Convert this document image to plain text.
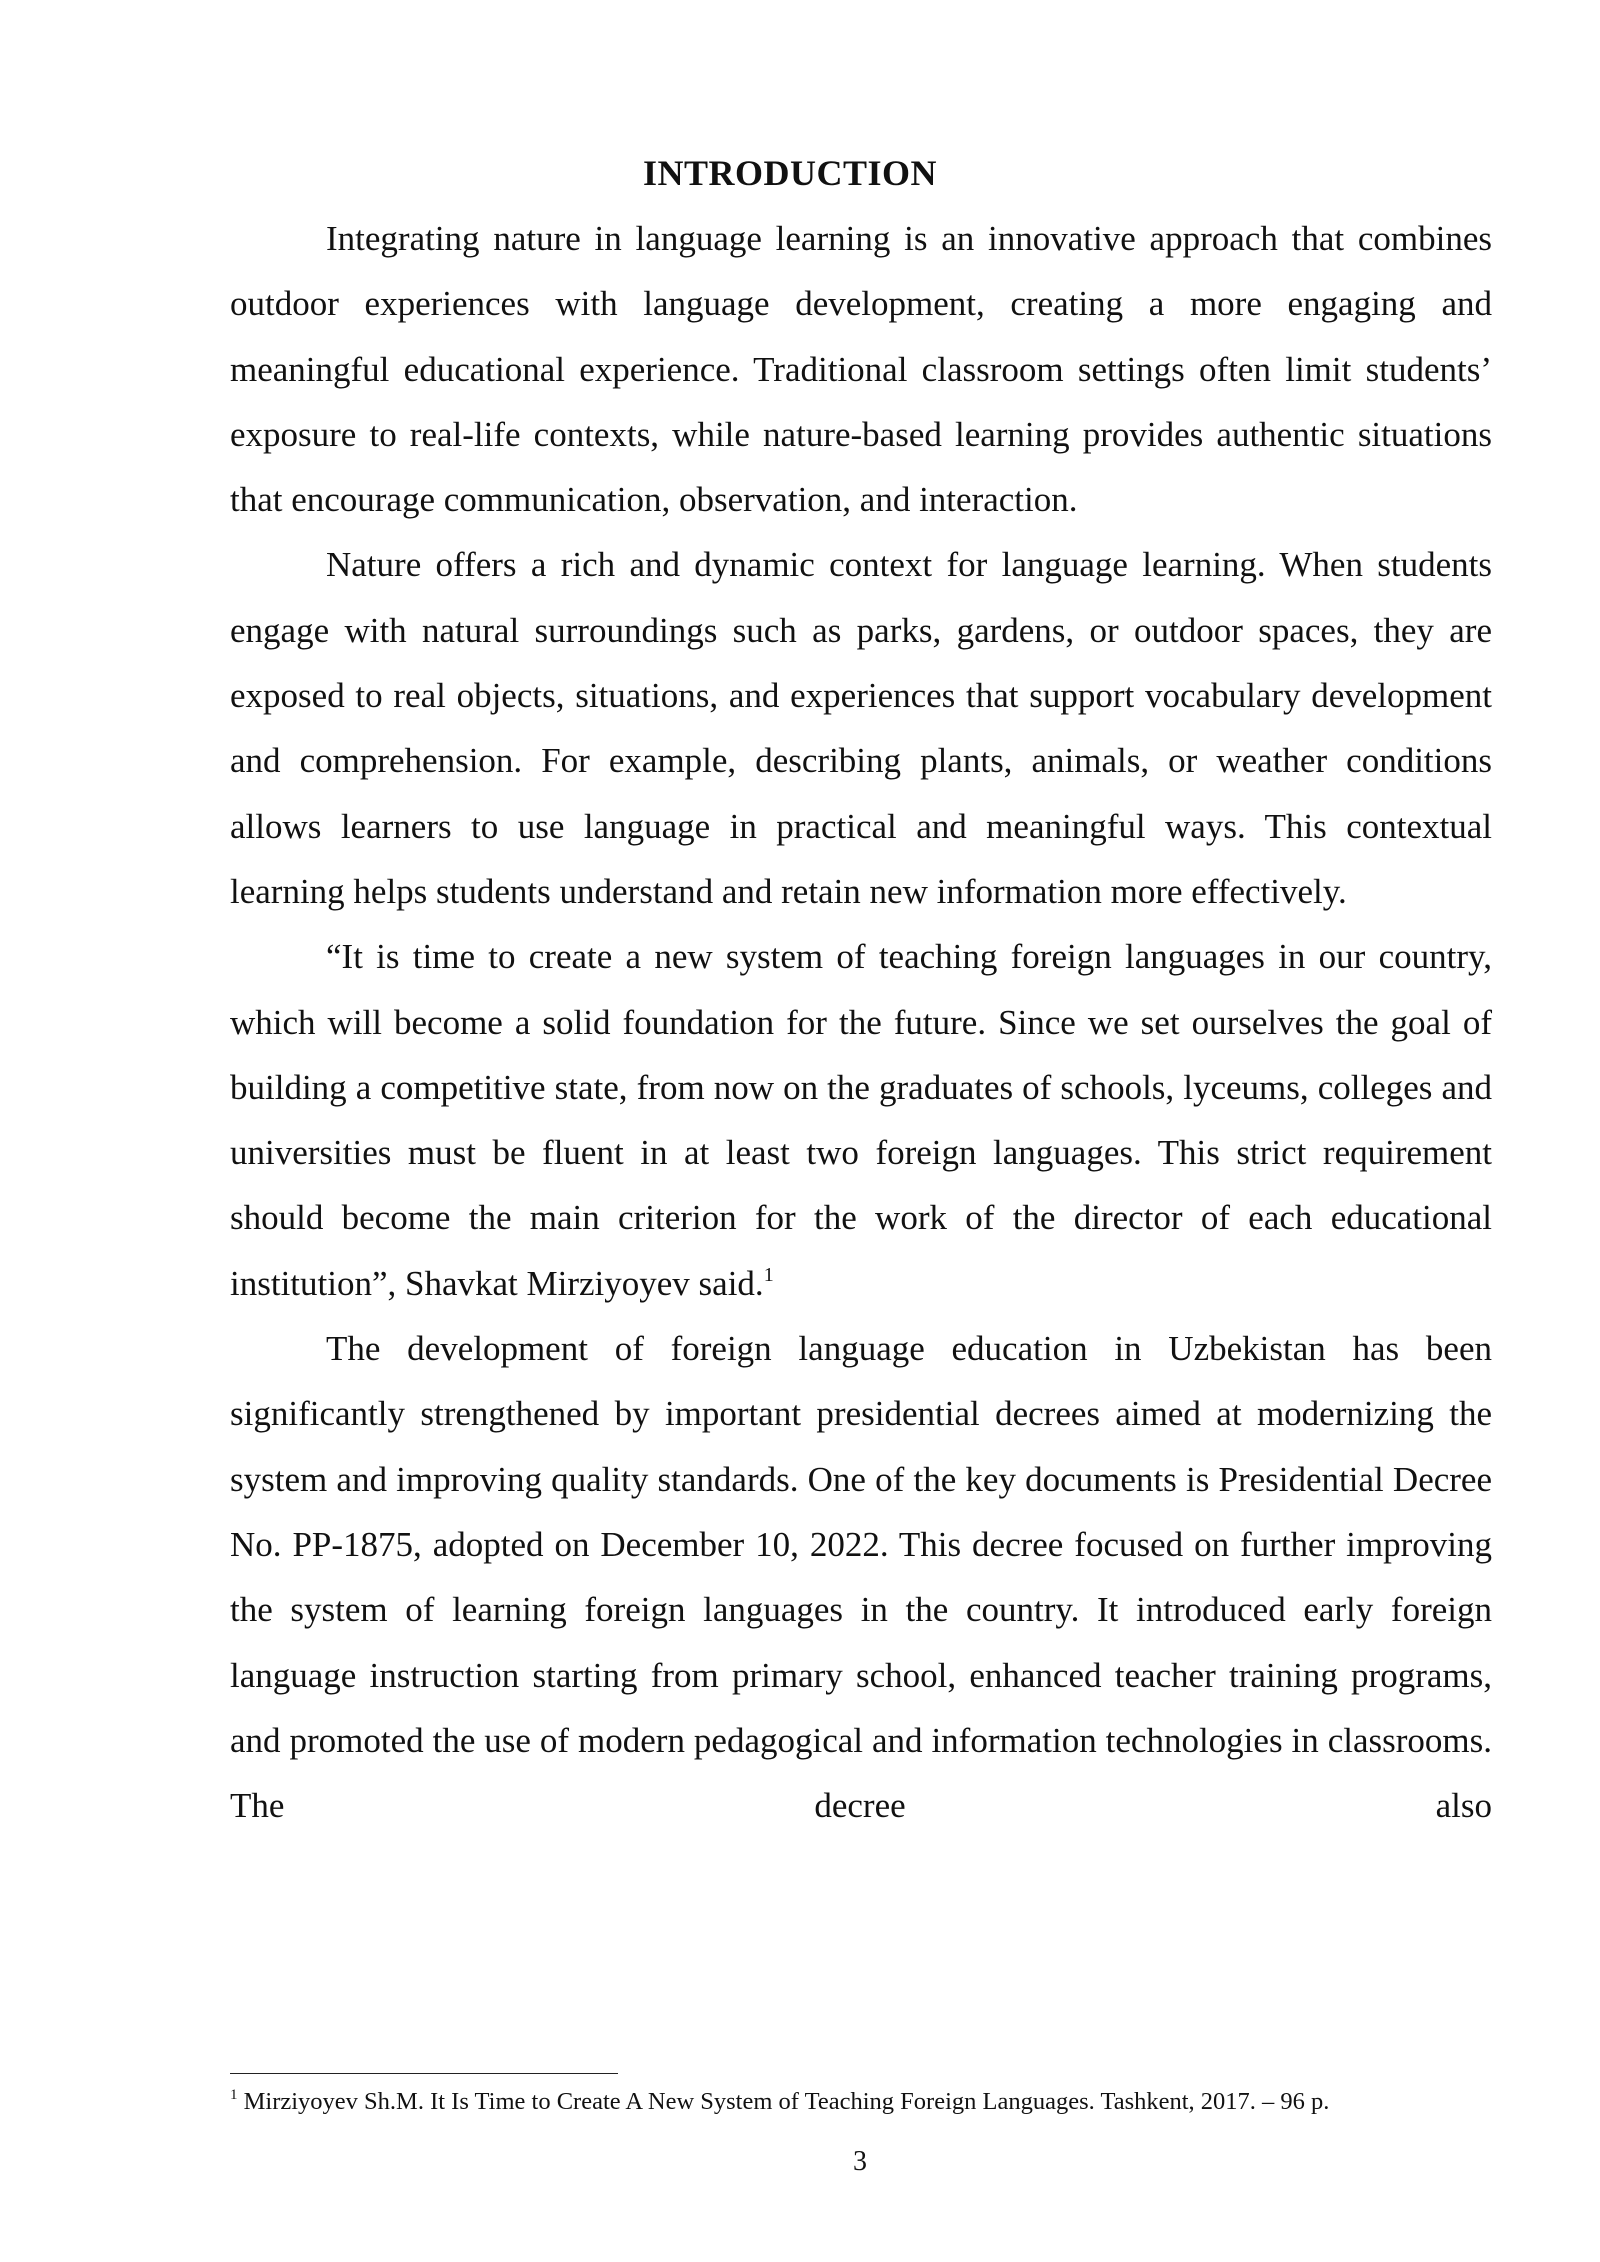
INTRODUCTION

Integrating nature in language learning is an innovative approach that combines outdoor experiences with language development, creating a more engaging and meaningful educational experience. Traditional classroom settings often limit students’ exposure to real-life contexts, while nature-based learning provides authentic situations that encourage communication, observation, and interaction.

Nature offers a rich and dynamic context for language learning. When students engage with natural surroundings such as parks, gardens, or outdoor spaces, they are exposed to real objects, situations, and experiences that support vocabulary development and comprehension. For example, describing plants, animals, or weather conditions allows learners to use language in practical and meaningful ways. This contextual learning helps students understand and retain new information more effectively.

“It is time to create a new system of teaching foreign languages in our country, which will become a solid foundation for the future. Since we set ourselves the goal of building a competitive state, from now on the graduates of schools, lyceums, colleges and universities must be fluent in at least two foreign languages. This strict requirement should become the main criterion for the work of the director of each educational institution”, Shavkat Mirziyoyev said.$^1$

The development of foreign language education in Uzbekistan has been significantly strengthened by important presidential decrees aimed at modernizing the system and improving quality standards. One of the key documents is Presidential Decree No. PP-1875, adopted on December 10, 2022. This decree focused on further improving the system of learning foreign languages in the country. It introduced early foreign language instruction starting from primary school, enhanced teacher training programs, and promoted the use of modern pedagogical and information technologies in classrooms. The decree also

$^1$ Mirziyoyev Sh.M. It Is Time to Create A New System of Teaching Foreign Languages. Tashkent, 2017. – 96 p.

3
